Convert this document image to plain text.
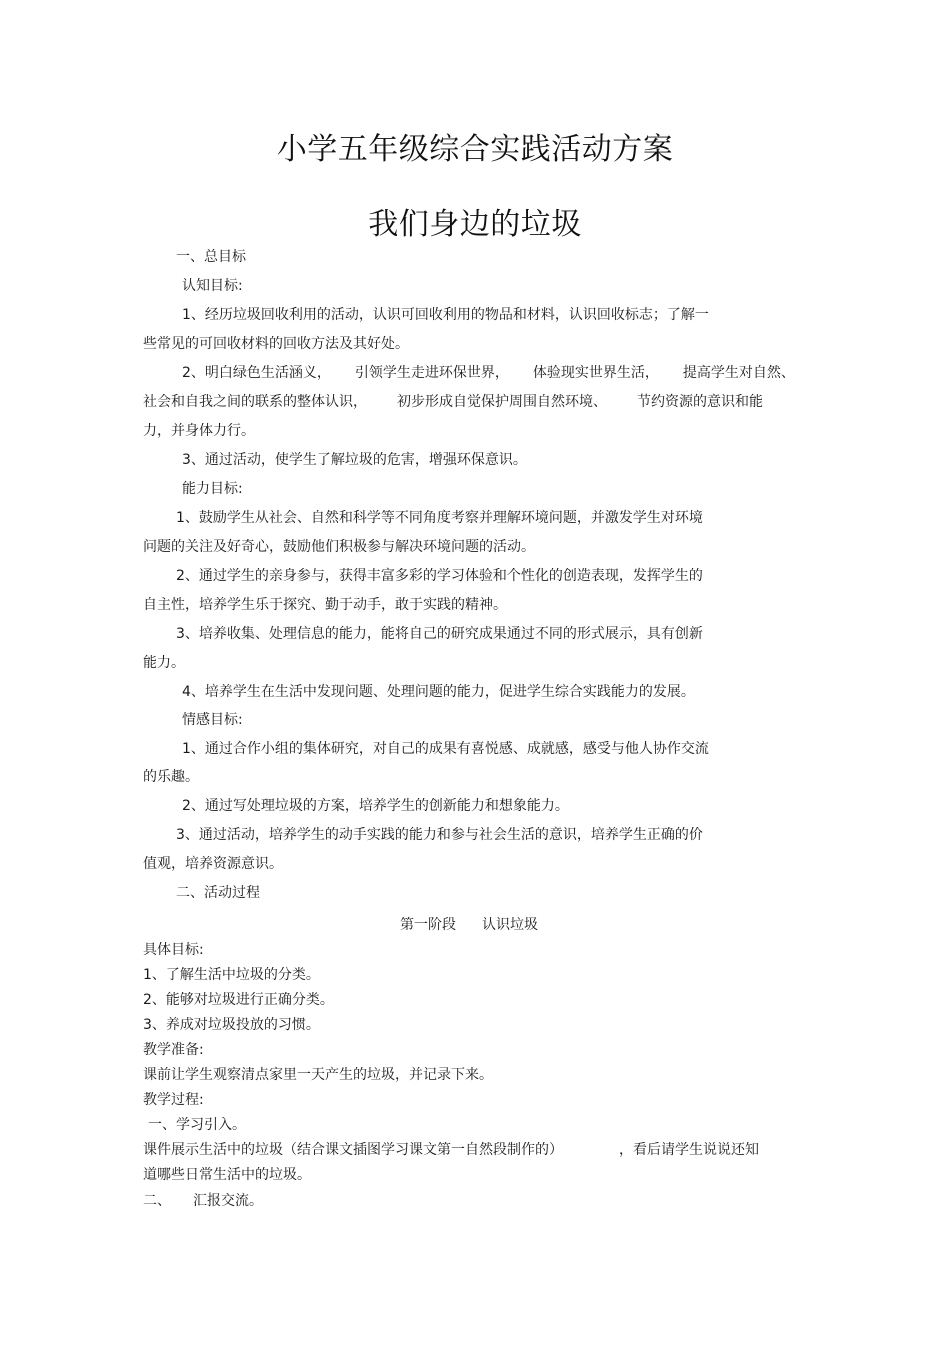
小学五年级综合实践活动方案
我们身边的垃圾
一、总目标
认知目标:
1、经历垃圾回收利用的活动，认识可回收利用的物品和材料，认识回收标志；了解一
些常见的可回收材料的回收方法及其好处。
2、明白绿色生活涵义， 引领学生走进环保世界， 体验现实世界生活， 提高学生对自然、
社会和自我之间的联系的整体认识， 初步形成自觉保护周围自然环境、 节约资源的意识和能
力，并身体力行。
3、通过活动，使学生了解垃圾的危害，增强环保意识。
能力目标:
1、鼓励学生从社会、自然和科学等不同角度考察并理解环境问题，并激发学生对环境
问题的关注及好奇心，鼓励他们积极参与解决环境问题的活动。
2、通过学生的亲身参与，获得丰富多彩的学习体验和个性化的创造表现，发挥学生的
自主性，培养学生乐于探究、勤于动手，敢于实践的精神。
3、培养收集、处理信息的能力，能将自己的研究成果通过不同的形式展示，具有创新
能力。
4、培养学生在生活中发现问题、处理问题的能力，促进学生综合实践能力的发展。
情感目标:
1、通过合作小组的集体研究，对自己的成果有喜悦感、成就感，感受与他人协作交流
的乐趣。
2、通过写处理垃圾的方案，培养学生的创新能力和想象能力。
3、通过活动，培养学生的动手实践的能力和参与社会生活的意识，培养学生正确的价
值观，培养资源意识。
二、活动过程
第一阶段 认识垃圾
具体目标:
1、了解生活中垃圾的分类。
2、能够对垃圾进行正确分类。
3、养成对垃圾投放的习惯。
教学准备:
课前让学生观察清点家里一天产生的垃圾，并记录下来。
教学过程:
一、学习引入。
课件展示生活中的垃圾（结合课文插图学习课文第一自然段制作的）	，看后请学生说说还知
道哪些日常生活中的垃圾。
二、 汇报交流。
